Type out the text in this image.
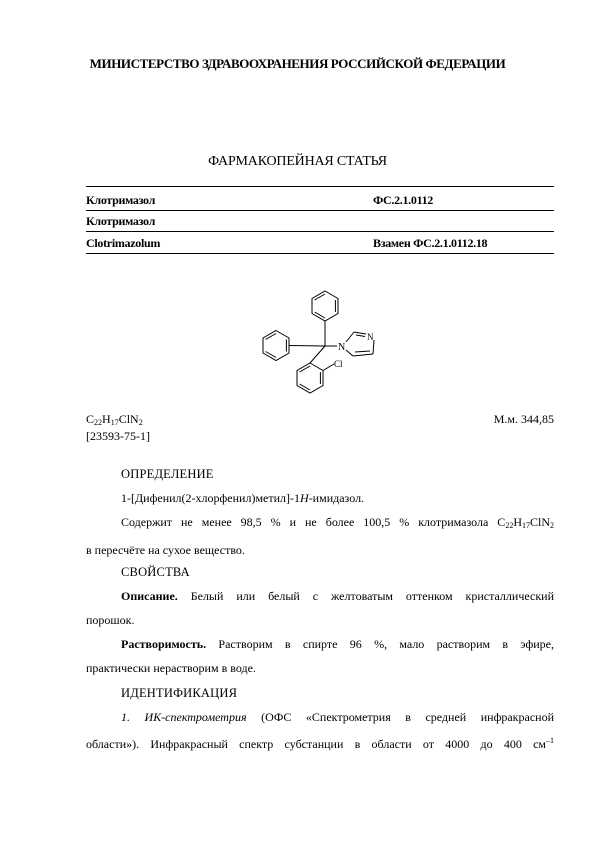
МИНИСТЕРСТВО ЗДРАВООХРАНЕНИЯ РОССИЙСКОЙ ФЕДЕРАЦИИ
ФАРМАКОПЕЙНАЯ СТАТЬЯ
Клотримазол	ФС.2.1.0112
Клотримазол
Clotrimazolum	Взамен ФС.2.1.0112.18
N
N
Cl
$C_{22}H_{17}ClN_2$	М.м. 344,85
[23593-75-1]
ОПРЕДЕЛЕНИЕ
1-[Дифенил(2-хлорфенил)метил]-1H-имидазол.
Содержит не менее 98,5 % и не более 100,5 % клотримазола $C_{22}H_{17}ClN_2$
в пересчёте на сухое вещество.
СВОЙСТВА
Описание. Белый или белый с желтоватым оттенком кристаллический
порошок.
Растворимость. Растворим в спирте 96 %, мало растворим в эфире,
практически нерастворим в воде.
ИДЕНТИФИКАЦИЯ
1. ИК-спектрометрия (ОФС «Спектрометрия в средней инфракрасной
области»). Инфракрасный спектр субстанции в области от 4000 до 400 $см^{-1}$
